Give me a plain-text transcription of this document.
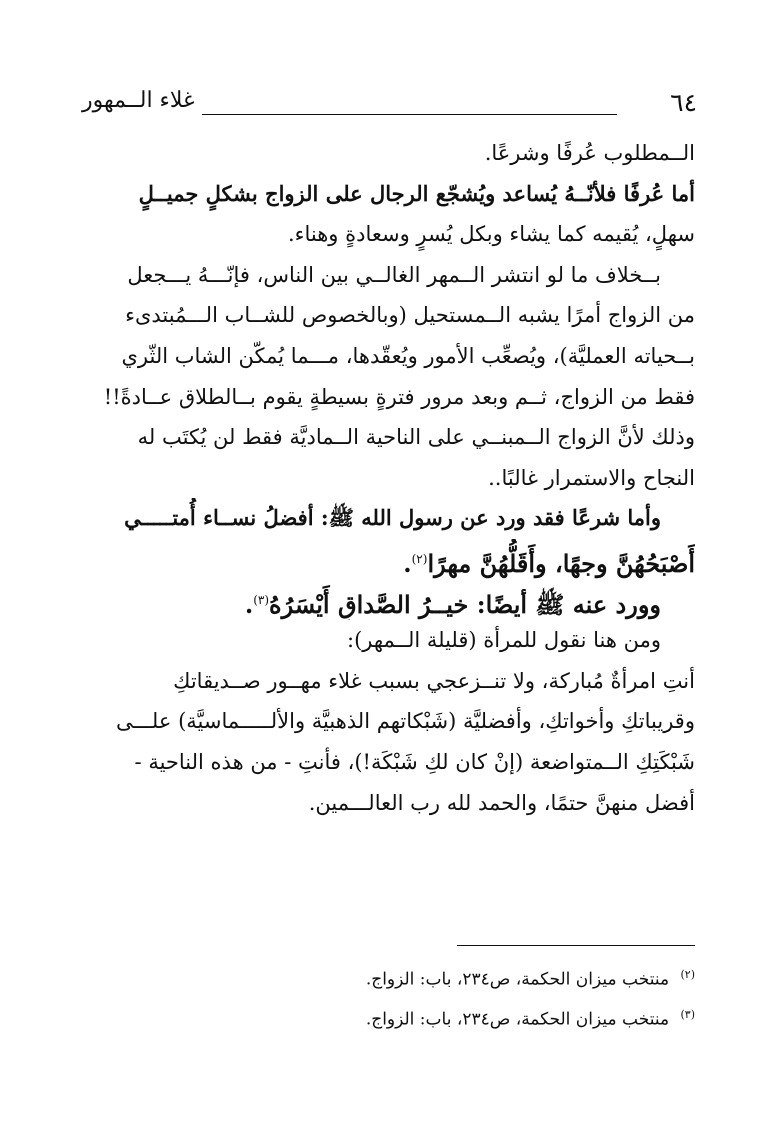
٦٤
غلاء الــمهور
الــمطلوب عُرفًا وشرعًا.
أما عُرفًا فلأنّــهُ يُساعد ويُشجّع الرجال على الزواج بشكلٍ جميــلٍ
سهلٍ، يُقيمه كما يشاء وبكل يُسرٍ وسعادةٍ وهناء.
بــخلاف ما لو انتشر الــمهر الغالــي بين الناس، فإنّـــهُ يـــجعل
من الزواج أمرًا يشبه الــمستحيل (وبالخصوص للشــاب الـــمُبتدىء
بــحياته العمليَّة)، ويُصعِّب الأمور ويُعقّدها، مـــما يُمكّن الشاب الثّري
فقط من الزواج، ثــم وبعد مرور فترةٍ بسيطةٍ يقوم بــالطلاق عــادةً!!
وذلك لأنَّ الزواج الــمبنــي على الناحية الــماديَّة فقط لن يُكتَب له
النجاح والاستمرار غالبًا..
وأما شرعًا فقد ورد عن رسول الله ﷺ: أفضلُ نســاء أُمتـــــي
أَصْبَحُهُنَّ وجهًا، وأَقَلُّهُنَّ مهرًا$^{(٢)}$.
وورد عنه ﷺ أيضًا: خيــرُ الصَّداقِ أَيْسَرُهُ$^{(٣)}$.
ومن هنا نقول للمرأة (قليلة الــمهر):
أنتِ امرأةٌ مُباركة، ولا تنــزعجي بسبب غلاء مهــور صــديقاتكِ
وقريباتكِ وأخواتكِ، وأفضليَّة (شَبْكاتهم الذهبيَّة والألـــــماسيَّة) علـــى
شَبْكَتِكِ الــمتواضعة (إنْ كان لكِ شَبْكَة!)، فأنتِ - من هذه الناحية -
أفضل منهنَّ حتمًا، والحمد لله رب العالـــمين.
$^{(٢)}$ منتخب ميزان الحكمة، ص٢٣٤، باب: الزواج.
$^{(٣)}$ منتخب ميزان الحكمة، ص٢٣٤، باب: الزواج.
